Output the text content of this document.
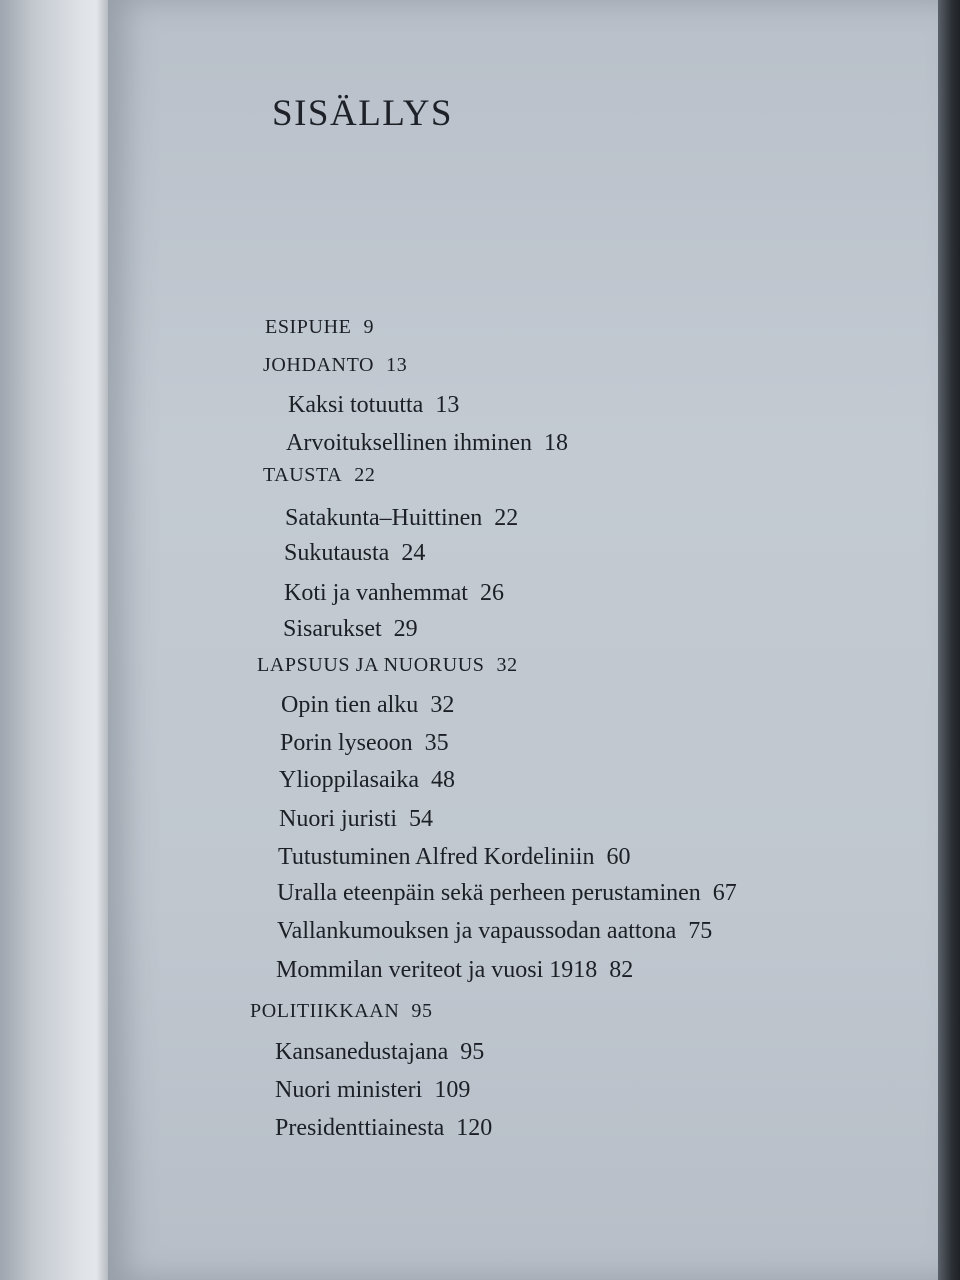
SISÄLLYS
ESIPUHE 9
JOHDANTO 13
Kaksi totuutta 13
Arvoituksellinen ihminen 18
TAUSTA 22
Satakunta–Huittinen 22
Sukutausta 24
Koti ja vanhemmat 26
Sisarukset 29
LAPSUUS JA NUORUUS 32
Opin tien alku 32
Porin lyseoon 35
Ylioppilasaika 48
Nuori juristi 54
Tutustuminen Alfred Kordeliniin 60
Uralla eteenpäin sekä perheen perustaminen 67
Vallankumouksen ja vapaussodan aattona 75
Mommilan veriteot ja vuosi 1918 82
POLITIIKKAAN 95
Kansanedustajana 95
Nuori ministeri 109
Presidenttiainesta 120
